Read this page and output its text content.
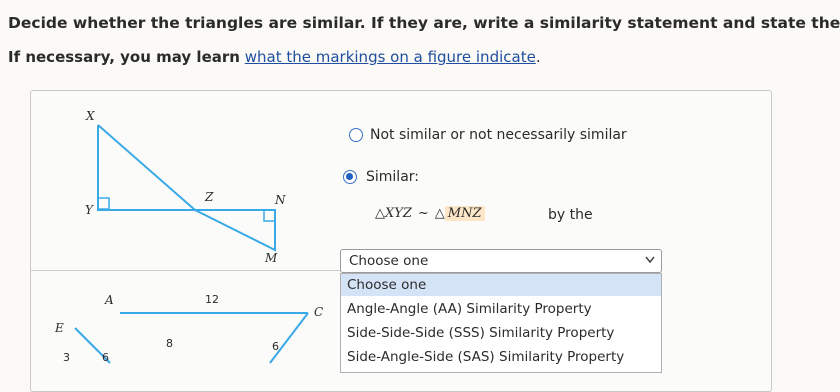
Decide whether the triangles are similar. If they are, write a similarity statement and state the
If necessary, you may learn what the markings on a figure indicate.
X
Y
Z	N
M
A
C
E
12
8	6
3	6
Not similar or not necessarily similar
Similar:
△XYZ ~ △ MNZ	by the
Choose one
Choose one
Angle-Angle (AA) Similarity Property
Side-Side-Side (SSS) Similarity Property
Side-Angle-Side (SAS) Similarity Property
